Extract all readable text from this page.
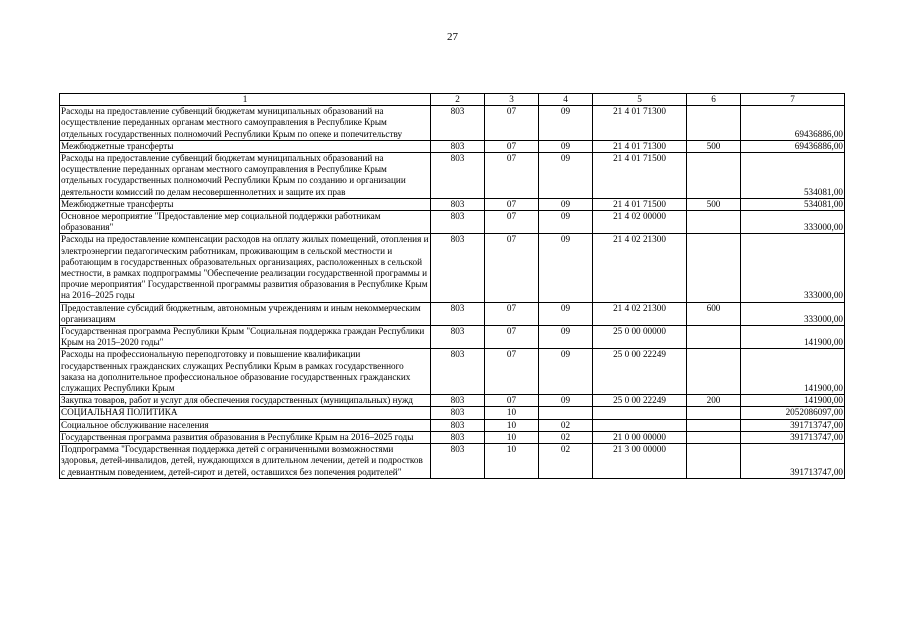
27
1	2	3	4	5	6	7
Расходы на предоставление субвенций бюджетам муниципальных образований на осуществление переданных органам местного самоуправления в Республике Крым отдельных государственных полномочий Республики Крым по опеке и попечительству	803	07	09	21 4 01 71300		69436886,00
Межбюджетные трансферты	803	07	09	21 4 01 71300	500	69436886,00
Расходы на предоставление субвенций бюджетам муниципальных образований на осуществление переданных органам местного самоуправления в Республике Крым отдельных государственных полномочий Республики Крым по созданию и организации деятельности комиссий по делам несовершеннолетних и защите их прав	803	07	09	21 4 01 71500		534081,00
Межбюджетные трансферты	803	07	09	21 4 01 71500	500	534081,00
Основное мероприятие "Предоставление мер социальной поддержки работникам образования"	803	07	09	21 4 02 00000		333000,00
Расходы на предоставление компенсации расходов на оплату жилых помещений, отопления и электроэнергии педагогическим работникам, проживающим в сельской местности и работающим в государственных образовательных организациях, расположенных в сельской местности, в рамках подпрограммы "Обеспечение реализации государственной программы и прочие мероприятия" Государственной программы развития образования в Республике Крым на 2016–2025 годы	803	07	09	21 4 02 21300		333000,00
Предоставление субсидий бюджетным, автономным учреждениям и иным некоммерческим организациям	803	07	09	21 4 02 21300	600	333000,00
Государственная программа Республики Крым "Социальная поддержка граждан Республики Крым на 2015–2020 годы"	803	07	09	25 0 00 00000		141900,00
Расходы на профессиональную переподготовку и повышение квалификации государственных гражданских служащих Республики Крым в рамках государственного заказа на дополнительное профессиональное образование государственных гражданских служащих Республики Крым	803	07	09	25 0 00 22249		141900,00
Закупка товаров, работ и услуг для обеспечения государственных (муниципальных) нужд	803	07	09	25 0 00 22249	200	141900,00
СОЦИАЛЬНАЯ ПОЛИТИКА	803	10				2052086097,00
Социальное обслуживание населения	803	10	02			391713747,00
Государственная программа развития образования в Республике Крым на 2016–2025 годы	803	10	02	21 0 00 00000		391713747,00
Подпрограмма "Государственная поддержка детей с ограниченными возможностями здоровья, детей-инвалидов, детей, нуждающихся в длительном лечении, детей и подростков с девиантным поведением, детей-сирот и детей, оставшихся без попечения родителей"	803	10	02	21 3 00 00000		391713747,00
